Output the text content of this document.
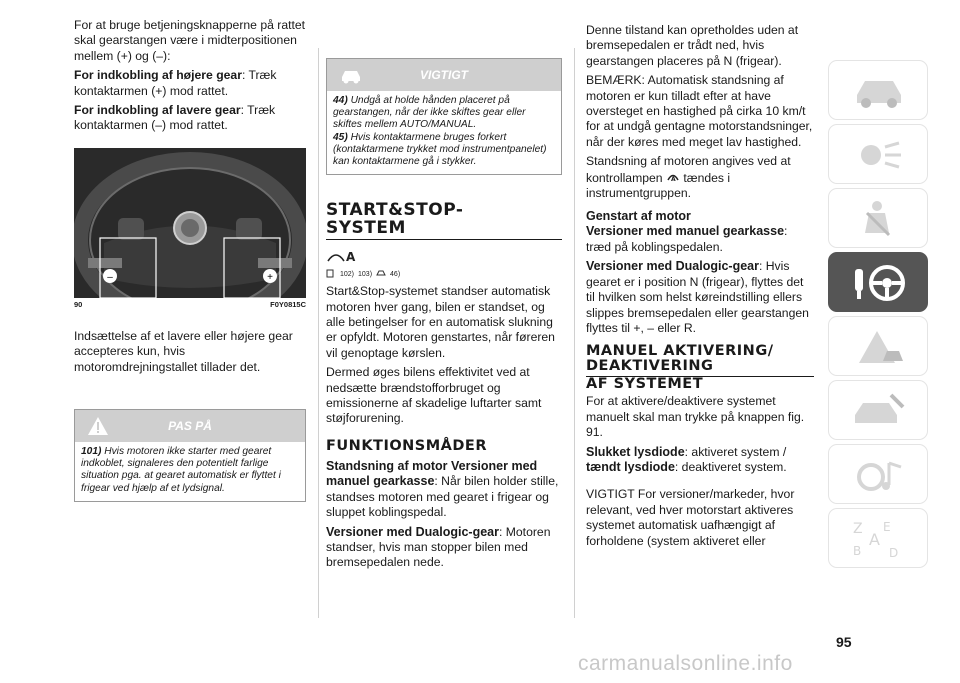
For at bruge betjeningsknapperne på rattet skal gearstangen være i midterpositionen mellem (+) og (–):

For indkobling af højere gear: Træk kontaktarmen (+) mod rattet.

For indkobling af lavere gear: Træk kontaktarmen (–) mod rattet.

–	+
90	F0Y0815C

Indsættelse af et lavere eller højere gear accepteres kun, hvis motoromdrejningstallet tillader det.

PAS PÅ
101) Hvis motoren ikke starter med gearet indkoblet, signaleres den potentielt farlige situation pga. at gearet automatisk er flyttet i frigear ved hjælp af et lydsignal.
VIGTIGT
44) Undgå at holde hånden placeret på gearstangen, når der ikke skiftes gear eller skiftes mellem AUTO/MANUAL.
45) Hvis kontaktarmene bruges forkert (kontaktarmene trykket mod instrumentpanelet) kan kontaktarmene gå i stykker.
START&STOP-
SYSTEM
A
102) 103)	46)

Start&Stop-systemet standser automatisk motoren hver gang, bilen er standset, og alle betingelser for en automatisk slukning er opfyldt. Motoren genstartes, når føreren vil genoptage kørslen.

Dermed øges bilens effektivitet ved at nedsætte brændstofforbruget og emissionerne af skadelige luftarter samt støjforurening.

FUNKTIONSMÅDER

Standsning af motor Versioner med manuel gearkasse: Når bilen holder stille, standses motoren med gearet i frigear og sluppet koblingspedal.

Versioner med Dualogic-gear: Motoren standser, hvis man stopper bilen med bremsepedalen nede.

Denne tilstand kan opretholdes uden at bremsepedalen er trådt ned, hvis gearstangen placeres på N (frigear).

BEMÆRK: Automatisk standsning af motoren er kun tilladt efter at have oversteget en hastighed på cirka 10 km/t for at undgå gentagne motorstandsninger, når der køres med meget lav hastighed.

Standsning af motoren angives ved at kontrollampen A tændes i instrumentgruppen.

Genstart af motor

Versioner med manuel gearkasse: træd på koblingspedalen.

Versioner med Dualogic-gear: Hvis gearet er i position N (frigear), flyttes det til hvilken som helst køreindstilling ellers slippes bremsepedalen eller gearstangen flyttes til +, – eller R.

MANUEL AKTIVERING/
DEAKTIVERING
AF SYSTEMET

For at aktivere/deaktivere systemet manuelt skal man trykke på knappen fig. 91.

Slukket lysdiode: aktiveret system /

tændt lysdiode: deaktiveret system.

VIGTIGT For versioner/markeder, hvor relevant, ved hver motorstart aktiveres systemet automatisk uafhængigt af forholdene (system aktiveret eller

Z E
A
B D
95
carmanualsonline.info
